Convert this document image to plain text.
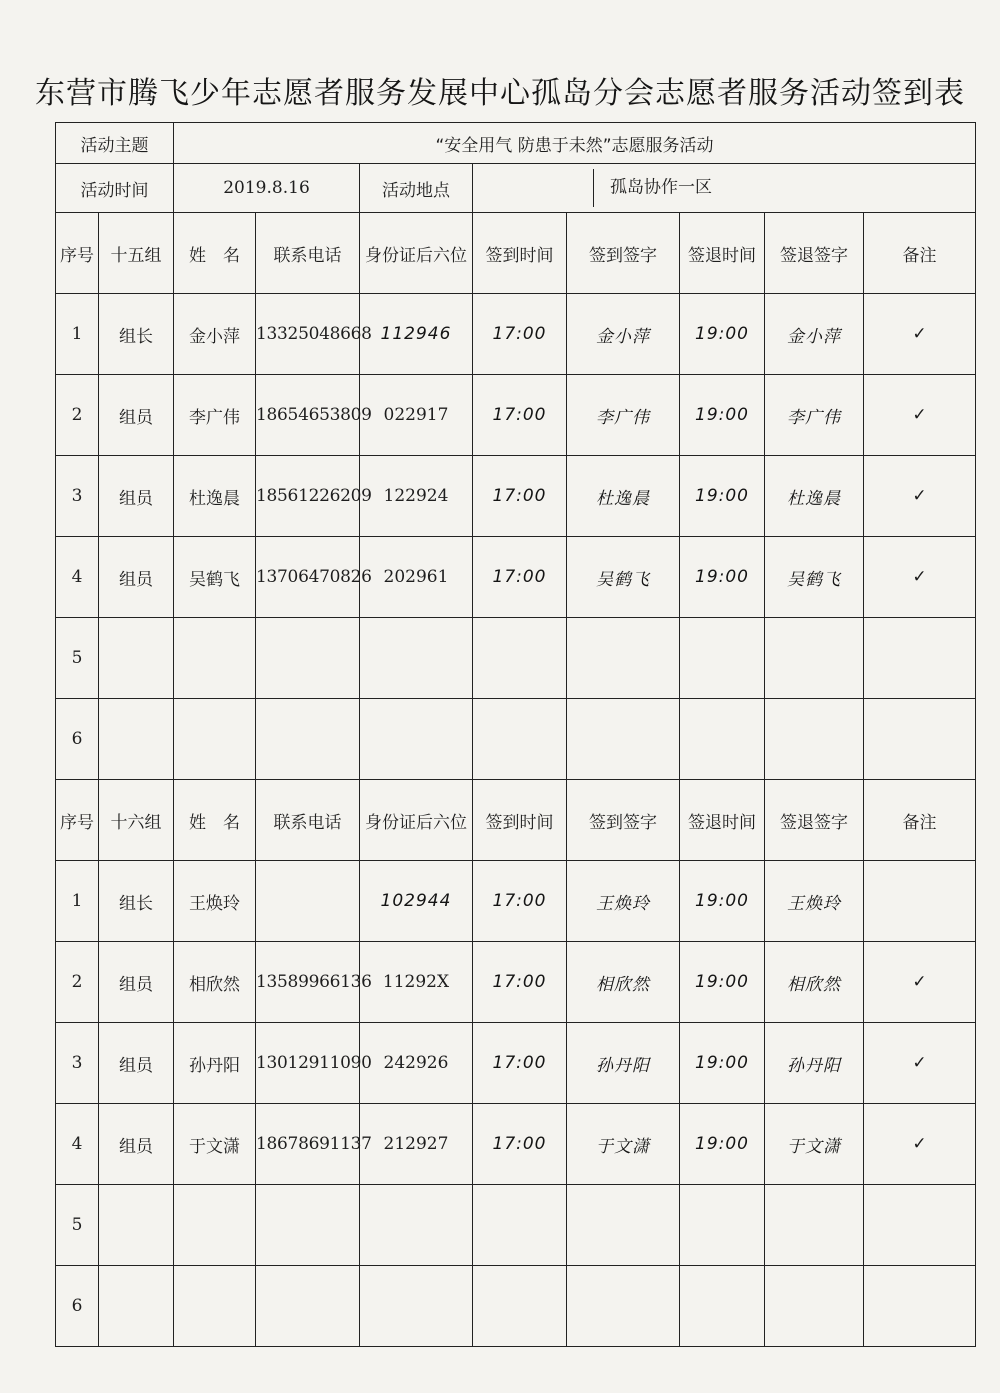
东营市腾飞少年志愿者服务发展中心孤岛分会志愿者服务活动签到表
活动主题		“安全用气 防患于未然”志愿服务活动							
活动时间		2019.8.16		活动地点	孤岛协作一区				
序号	十五组	姓　名	联系电话	身份证后六位	签到时间	签到签字	签退时间	签退签字	备注
1	组长	金小萍	13325048668	112946	17:00	金小萍	19:00	金小萍	✓
2	组员	李广伟	18654653809	022917	17:00	李广伟	19:00	李广伟	✓
3	组员	杜逸晨	18561226209	122924	17:00	杜逸晨	19:00	杜逸晨	✓
4	组员	吴鹤飞	13706470826	202961	17:00	吴鹤飞	19:00	吴鹤飞	✓
5									
6									
序号	十六组	姓　名	联系电话	身份证后六位	签到时间	签到签字	签退时间	签退签字	备注
1	组长	王焕玲		102944	17:00	王焕玲	19:00	王焕玲	
2	组员	相欣然	13589966136	11292X	17:00	相欣然	19:00	相欣然	✓
3	组员	孙丹阳	13012911090	242926	17:00	孙丹阳	19:00	孙丹阳	✓
4	组员	于文潇	18678691137	212927	17:00	于文潇	19:00	于文潇	✓
5									
6									
